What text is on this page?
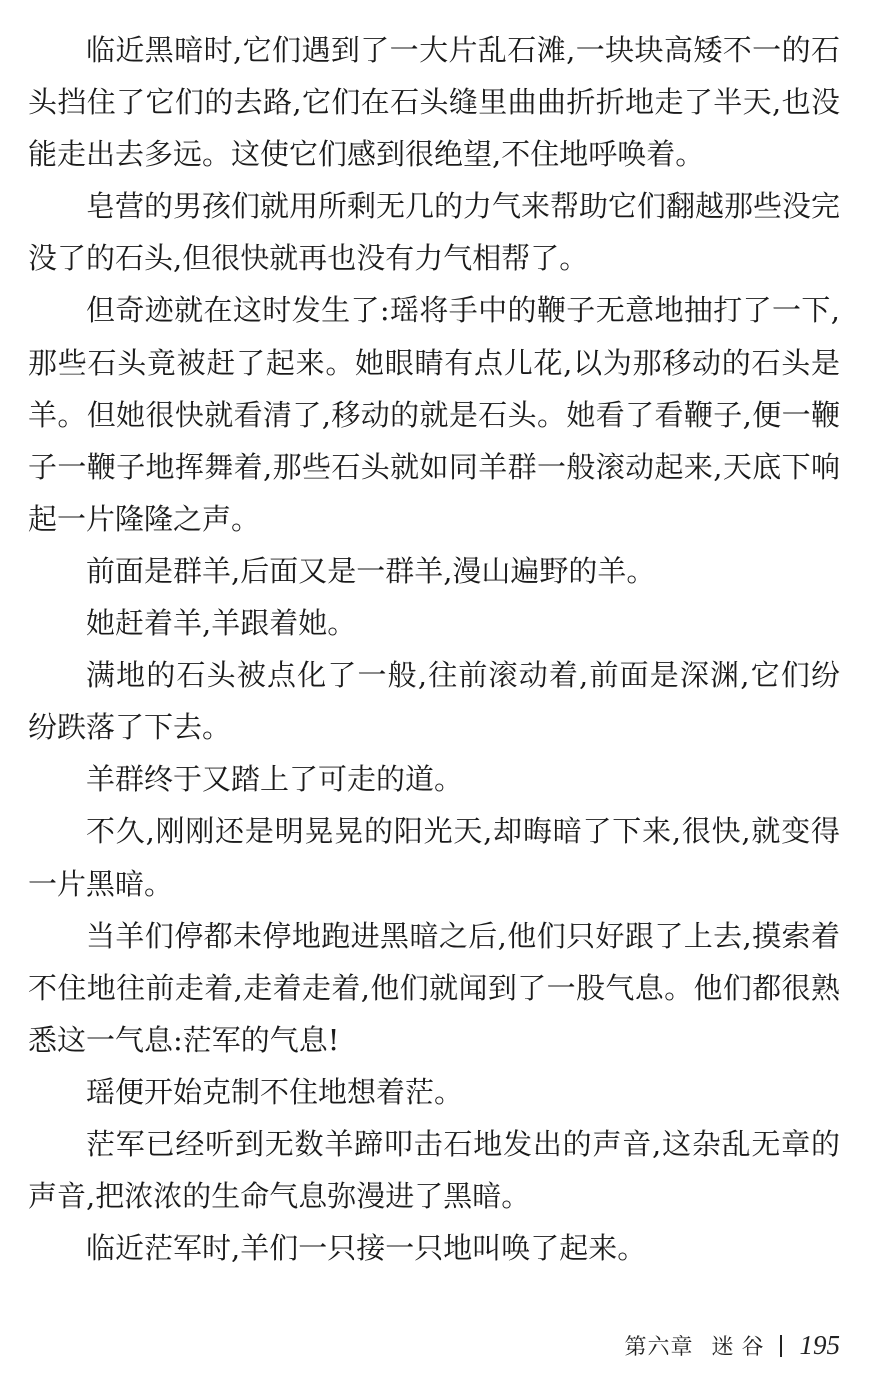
临近黑暗时,它们遇到了一大片乱石滩,一块块高矮不一的石
头挡住了它们的去路,它们在石头缝里曲曲折折地走了半天,也没
能走出去多远。这使它们感到很绝望,不住地呼唤着。
皂营的男孩们就用所剩无几的力气来帮助它们翻越那些没完
没了的石头,但很快就再也没有力气相帮了。
但奇迹就在这时发生了:瑶将手中的鞭子无意地抽打了一下,
那些石头竟被赶了起来。她眼睛有点儿花,以为那移动的石头是
羊。但她很快就看清了,移动的就是石头。她看了看鞭子,便一鞭
子一鞭子地挥舞着,那些石头就如同羊群一般滚动起来,天底下响
起一片隆隆之声。
前面是群羊,后面又是一群羊,漫山遍野的羊。
她赶着羊,羊跟着她。
满地的石头被点化了一般,往前滚动着,前面是深渊,它们纷
纷跌落了下去。
羊群终于又踏上了可走的道。
不久,刚刚还是明晃晃的阳光天,却晦暗了下来,很快,就变得
一片黑暗。
当羊们停都未停地跑进黑暗之后,他们只好跟了上去,摸索着
不住地往前走着,走着走着,他们就闻到了一股气息。他们都很熟
悉这一气息:茫军的气息!
瑶便开始克制不住地想着茫。
茫军已经听到无数羊蹄叩击石地发出的声音,这杂乱无章的
声音,把浓浓的生命气息弥漫进了黑暗。
临近茫军时,羊们一只接一只地叫唤了起来。
第六章 迷谷 195
